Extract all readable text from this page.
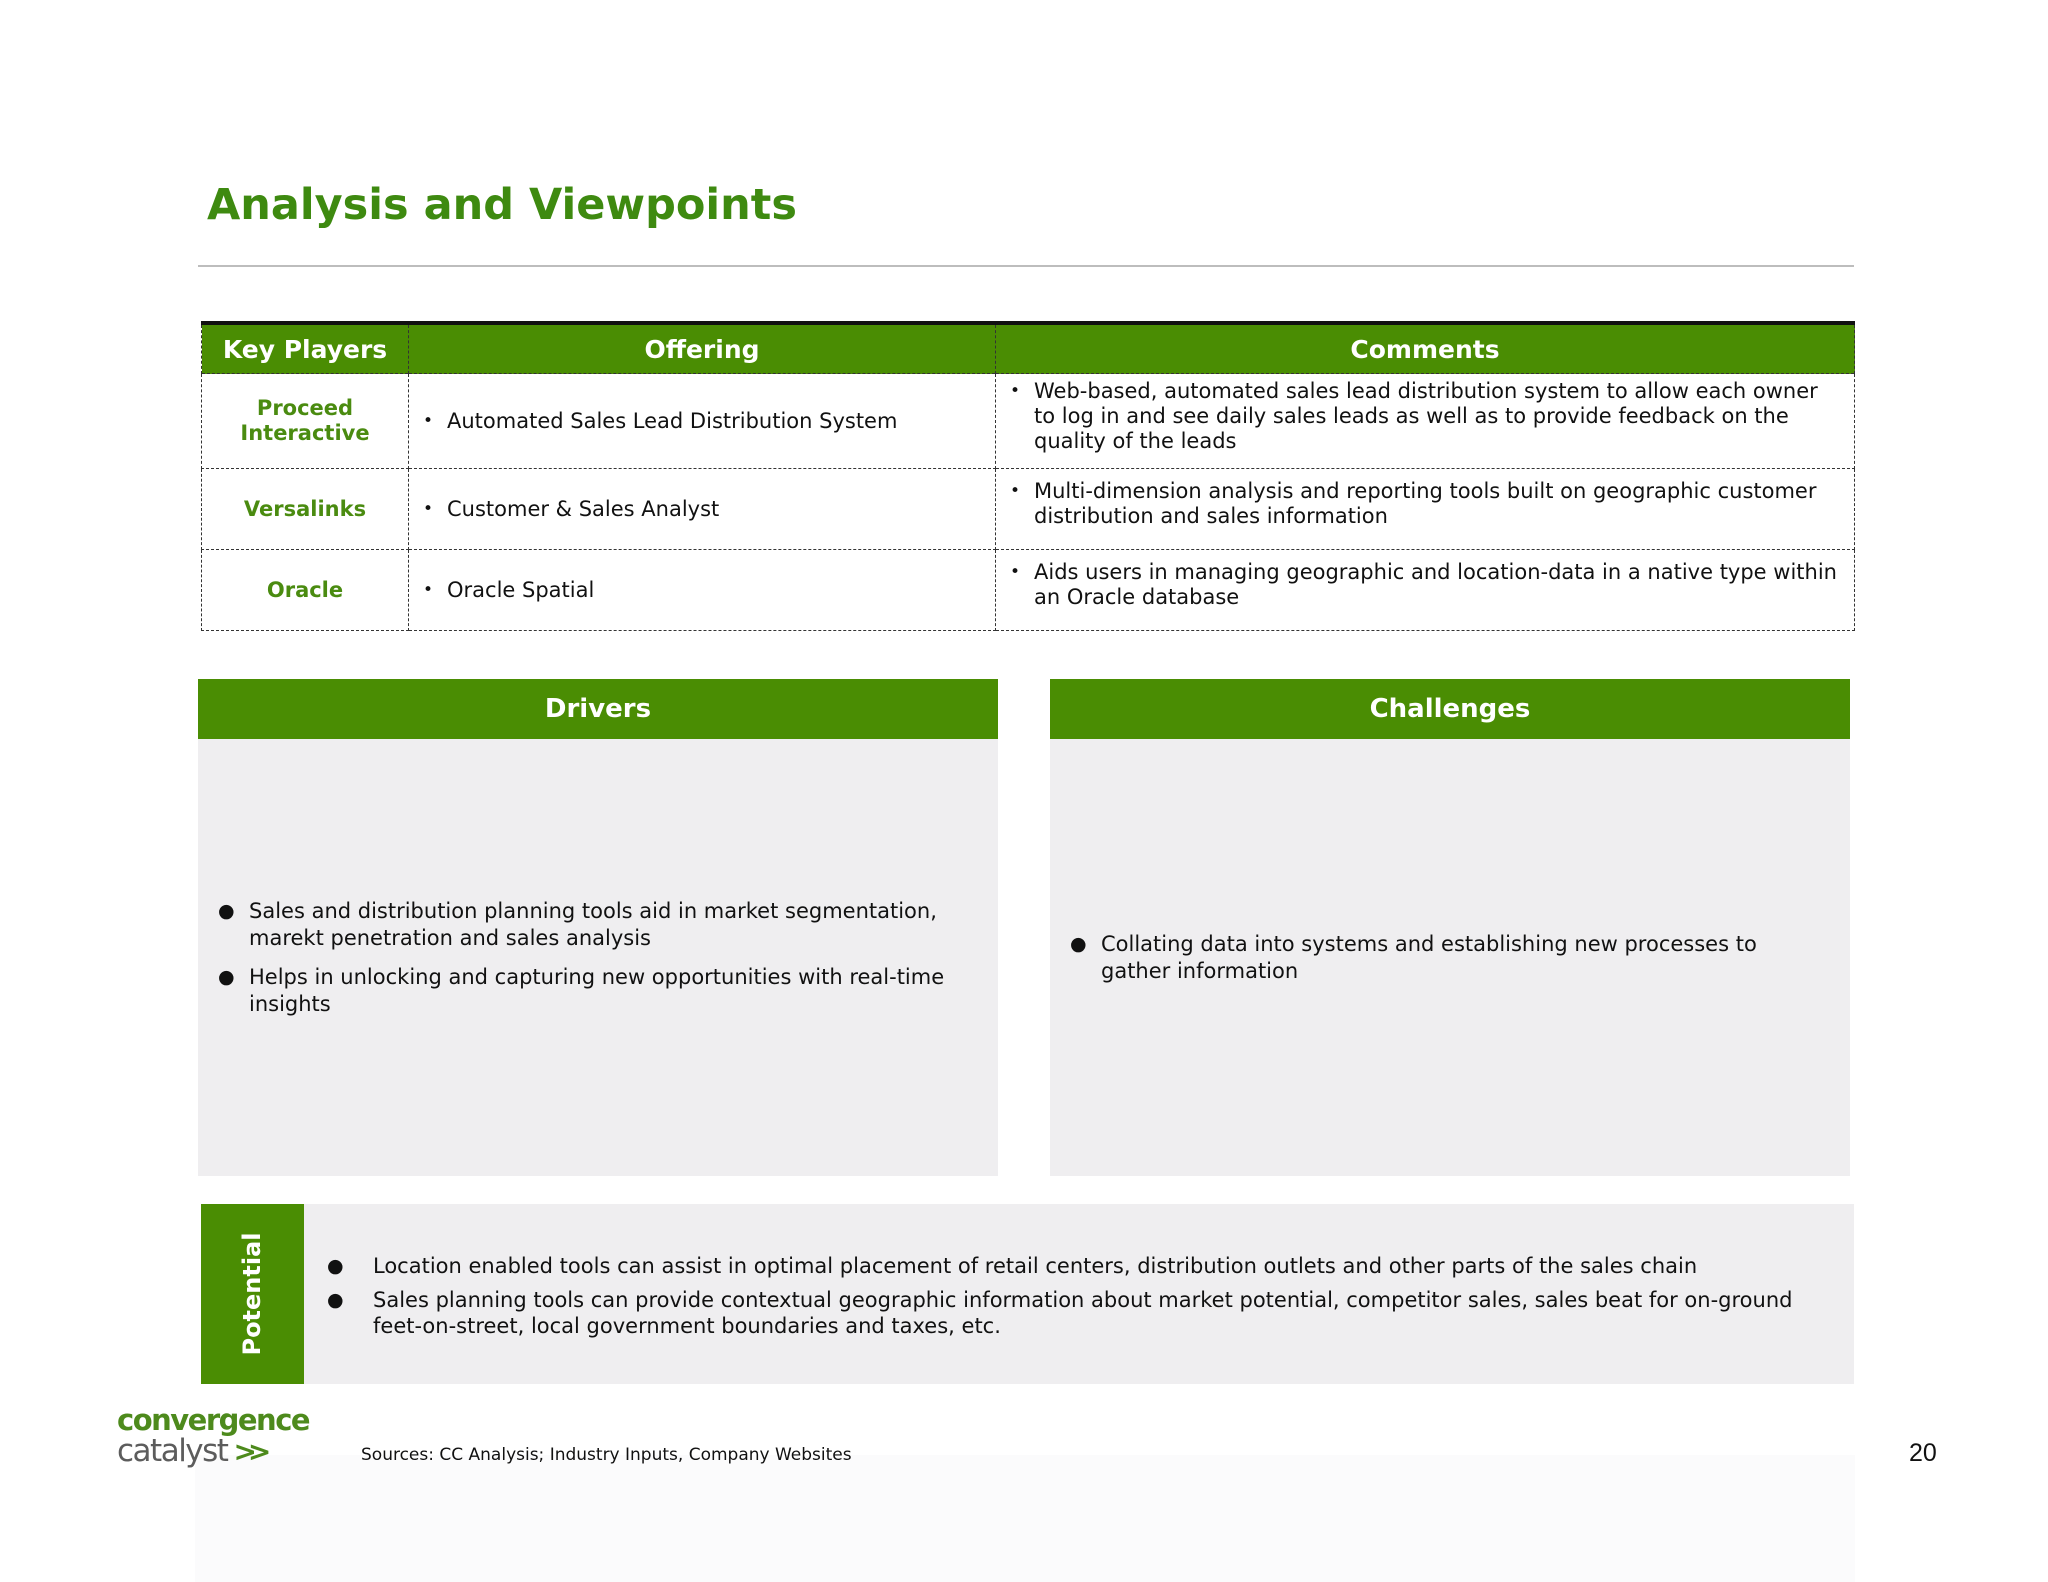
Analysis and Viewpoints
Key Players	Offering	Comments
Proceed Interactive	• Automated Sales Lead Distribution System	• Web-based, automated sales lead distribution system to allow each owner to log in and see daily sales leads as well as to provide feedback on the quality of the leads

Versalinks	• Customer & Sales Analyst	• Multi-dimension analysis and reporting tools built on geographic customer distribution and sales information

Oracle	• Oracle Spatial	• Aids users in managing geographic and location-data in a native type within an Oracle database
Drivers
● Sales and distribution planning tools aid in market segmentation, marekt penetration and sales analysis
● Helps in unlocking and capturing new opportunities with real-time insights
Challenges
● Collating data into systems and establishing new processes to gather information
Potential	●	Location enabled tools can assist in optimal placement of retail centers, distribution outlets and other parts of the sales chain
●	Sales planning tools can provide contextual geographic information about market potential, competitor sales, sales beat for on-ground feet-on-street, local government boundaries and taxes, etc.
convergence
catalyst >>	Sources: CC Analysis; Industry Inputs, Company Websites	20
